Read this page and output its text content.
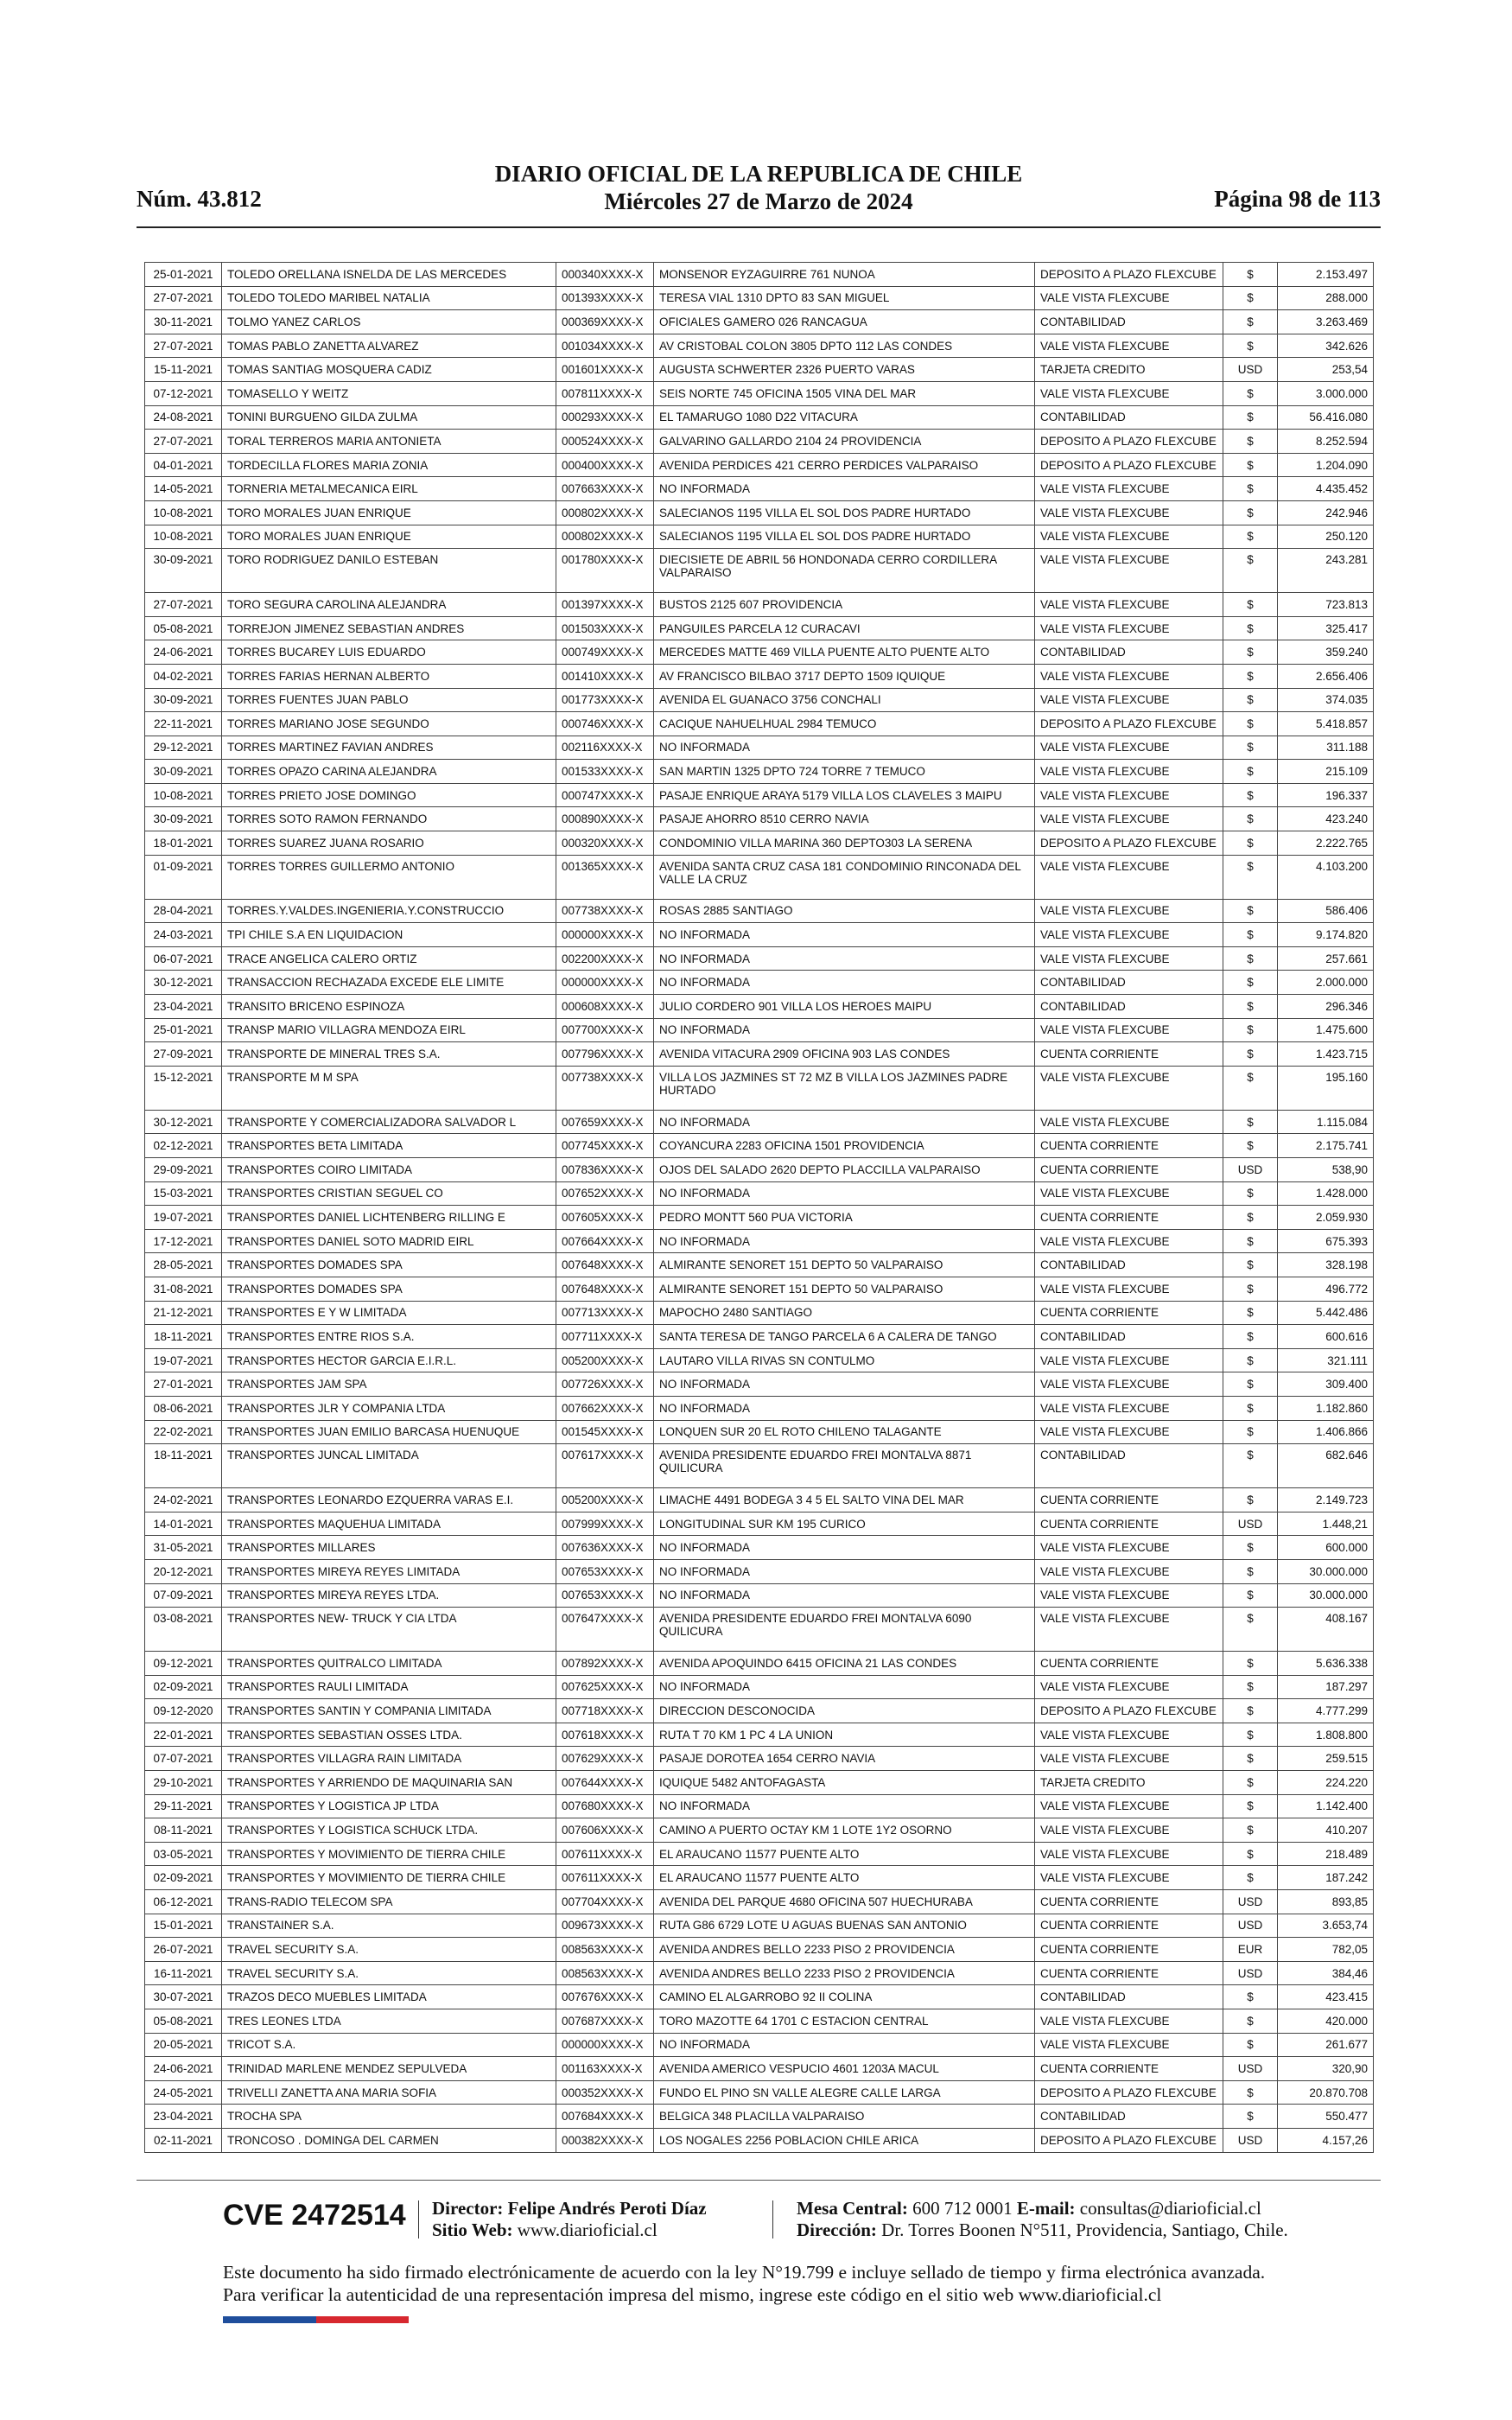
Núm. 43.812
DIARIO OFICIAL DE LA REPUBLICA DE CHILE
Miércoles 27 de Marzo de 2024	Página 98 de 113
25-01-2021	TOLEDO ORELLANA ISNELDA DE LAS MERCEDES	000340XXXX-X	MONSENOR EYZAGUIRRE 761 NUNOA	DEPOSITO A PLAZO FLEXCUBE	$	2.153.497
27-07-2021	TOLEDO TOLEDO MARIBEL NATALIA	001393XXXX-X	TERESA VIAL 1310 DPTO 83 SAN MIGUEL	VALE VISTA FLEXCUBE	$	288.000
30-11-2021	TOLMO YANEZ CARLOS	000369XXXX-X	OFICIALES GAMERO 026 RANCAGUA	CONTABILIDAD	$	3.263.469
27-07-2021	TOMAS PABLO ZANETTA ALVAREZ	001034XXXX-X	AV CRISTOBAL COLON 3805 DPTO 112 LAS CONDES	VALE VISTA FLEXCUBE	$	342.626
15-11-2021	TOMAS SANTIAG MOSQUERA CADIZ	001601XXXX-X	AUGUSTA SCHWERTER 2326 PUERTO VARAS	TARJETA CREDITO	USD	253,54
07-12-2021	TOMASELLO Y WEITZ	007811XXXX-X	SEIS NORTE 745 OFICINA 1505 VINA DEL MAR	VALE VISTA FLEXCUBE	$	3.000.000
24-08-2021	TONINI BURGUENO GILDA ZULMA	000293XXXX-X	EL TAMARUGO 1080 D22 VITACURA	CONTABILIDAD	$	56.416.080
27-07-2021	TORAL TERREROS MARIA ANTONIETA	000524XXXX-X	GALVARINO GALLARDO 2104 24 PROVIDENCIA	DEPOSITO A PLAZO FLEXCUBE	$	8.252.594
04-01-2021	TORDECILLA FLORES MARIA ZONIA	000400XXXX-X	AVENIDA PERDICES 421 CERRO PERDICES VALPARAISO	DEPOSITO A PLAZO FLEXCUBE	$	1.204.090
14-05-2021	TORNERIA METALMECANICA EIRL	007663XXXX-X	NO INFORMADA	VALE VISTA FLEXCUBE	$	4.435.452
10-08-2021	TORO MORALES JUAN ENRIQUE	000802XXXX-X	SALECIANOS 1195 VILLA EL SOL DOS PADRE HURTADO	VALE VISTA FLEXCUBE	$	242.946
10-08-2021	TORO MORALES JUAN ENRIQUE	000802XXXX-X	SALECIANOS 1195 VILLA EL SOL DOS PADRE HURTADO	VALE VISTA FLEXCUBE	$	250.120
30-09-2021	TORO RODRIGUEZ DANILO ESTEBAN	001780XXXX-X	DIECISIETE DE ABRIL 56 HONDONADA CERRO CORDILLERA VALPARAISO	VALE VISTA FLEXCUBE	$	243.281
27-07-2021	TORO SEGURA CAROLINA ALEJANDRA	001397XXXX-X	BUSTOS 2125 607 PROVIDENCIA	VALE VISTA FLEXCUBE	$	723.813
05-08-2021	TORREJON JIMENEZ SEBASTIAN ANDRES	001503XXXX-X	PANGUILES PARCELA 12 CURACAVI	VALE VISTA FLEXCUBE	$	325.417
24-06-2021	TORRES BUCAREY LUIS EDUARDO	000749XXXX-X	MERCEDES MATTE 469 VILLA PUENTE ALTO PUENTE ALTO	CONTABILIDAD	$	359.240
04-02-2021	TORRES FARIAS HERNAN ALBERTO	001410XXXX-X	AV FRANCISCO BILBAO 3717 DEPTO 1509 IQUIQUE	VALE VISTA FLEXCUBE	$	2.656.406
30-09-2021	TORRES FUENTES JUAN PABLO	001773XXXX-X	AVENIDA EL GUANACO 3756 CONCHALI	VALE VISTA FLEXCUBE	$	374.035
22-11-2021	TORRES MARIANO JOSE SEGUNDO	000746XXXX-X	CACIQUE NAHUELHUAL 2984 TEMUCO	DEPOSITO A PLAZO FLEXCUBE	$	5.418.857
29-12-2021	TORRES MARTINEZ FAVIAN ANDRES	002116XXXX-X	NO INFORMADA	VALE VISTA FLEXCUBE	$	311.188
30-09-2021	TORRES OPAZO CARINA ALEJANDRA	001533XXXX-X	SAN MARTIN 1325 DPTO 724 TORRE 7 TEMUCO	VALE VISTA FLEXCUBE	$	215.109
10-08-2021	TORRES PRIETO JOSE DOMINGO	000747XXXX-X	PASAJE ENRIQUE ARAYA 5179 VILLA LOS CLAVELES 3 MAIPU	VALE VISTA FLEXCUBE	$	196.337
30-09-2021	TORRES SOTO RAMON FERNANDO	000890XXXX-X	PASAJE AHORRO 8510 CERRO NAVIA	VALE VISTA FLEXCUBE	$	423.240
18-01-2021	TORRES SUAREZ JUANA ROSARIO	000320XXXX-X	CONDOMINIO VILLA MARINA 360 DEPTO303 LA SERENA	DEPOSITO A PLAZO FLEXCUBE	$	2.222.765
01-09-2021	TORRES TORRES GUILLERMO ANTONIO	001365XXXX-X	AVENIDA SANTA CRUZ CASA 181 CONDOMINIO RINCONADA DEL VALLE LA CRUZ	VALE VISTA FLEXCUBE	$	4.103.200
28-04-2021	TORRES.Y.VALDES.INGENIERIA.Y.CONSTRUCCIO	007738XXXX-X	ROSAS 2885 SANTIAGO	VALE VISTA FLEXCUBE	$	586.406
24-03-2021	TPI CHILE S.A EN LIQUIDACION	000000XXXX-X	NO INFORMADA	VALE VISTA FLEXCUBE	$	9.174.820
06-07-2021	TRACE ANGELICA CALERO ORTIZ	002200XXXX-X	NO INFORMADA	VALE VISTA FLEXCUBE	$	257.661
30-12-2021	TRANSACCION RECHAZADA EXCEDE ELE LIMITE	000000XXXX-X	NO INFORMADA	CONTABILIDAD	$	2.000.000
23-04-2021	TRANSITO BRICENO ESPINOZA	000608XXXX-X	JULIO CORDERO 901 VILLA LOS HEROES MAIPU	CONTABILIDAD	$	296.346
25-01-2021	TRANSP MARIO VILLAGRA MENDOZA EIRL	007700XXXX-X	NO INFORMADA	VALE VISTA FLEXCUBE	$	1.475.600
27-09-2021	TRANSPORTE DE MINERAL TRES S.A.	007796XXXX-X	AVENIDA VITACURA 2909 OFICINA 903 LAS CONDES	CUENTA CORRIENTE	$	1.423.715
15-12-2021	TRANSPORTE M M SPA	007738XXXX-X	VILLA LOS JAZMINES ST 72 MZ B VILLA LOS JAZMINES PADRE HURTADO	VALE VISTA FLEXCUBE	$	195.160
30-12-2021	TRANSPORTE Y COMERCIALIZADORA SALVADOR L	007659XXXX-X	NO INFORMADA	VALE VISTA FLEXCUBE	$	1.115.084
02-12-2021	TRANSPORTES BETA LIMITADA	007745XXXX-X	COYANCURA 2283 OFICINA 1501 PROVIDENCIA	CUENTA CORRIENTE	$	2.175.741
29-09-2021	TRANSPORTES COIRO LIMITADA	007836XXXX-X	OJOS DEL SALADO 2620 DEPTO PLACCILLA VALPARAISO	CUENTA CORRIENTE	USD	538,90
15-03-2021	TRANSPORTES CRISTIAN SEGUEL CO	007652XXXX-X	NO INFORMADA	VALE VISTA FLEXCUBE	$	1.428.000
19-07-2021	TRANSPORTES DANIEL LICHTENBERG RILLING E	007605XXXX-X	PEDRO MONTT 560 PUA VICTORIA	CUENTA CORRIENTE	$	2.059.930
17-12-2021	TRANSPORTES DANIEL SOTO MADRID EIRL	007664XXXX-X	NO INFORMADA	VALE VISTA FLEXCUBE	$	675.393
28-05-2021	TRANSPORTES DOMADES SPA	007648XXXX-X	ALMIRANTE SENORET 151 DEPTO 50 VALPARAISO	CONTABILIDAD	$	328.198
31-08-2021	TRANSPORTES DOMADES SPA	007648XXXX-X	ALMIRANTE SENORET 151 DEPTO 50 VALPARAISO	VALE VISTA FLEXCUBE	$	496.772
21-12-2021	TRANSPORTES E Y W LIMITADA	007713XXXX-X	MAPOCHO 2480 SANTIAGO	CUENTA CORRIENTE	$	5.442.486
18-11-2021	TRANSPORTES ENTRE RIOS S.A.	007711XXXX-X	SANTA TERESA DE TANGO PARCELA 6 A CALERA DE TANGO	CONTABILIDAD	$	600.616
19-07-2021	TRANSPORTES HECTOR GARCIA E.I.R.L.	005200XXXX-X	LAUTARO VILLA RIVAS SN CONTULMO	VALE VISTA FLEXCUBE	$	321.111
27-01-2021	TRANSPORTES JAM SPA	007726XXXX-X	NO INFORMADA	VALE VISTA FLEXCUBE	$	309.400
08-06-2021	TRANSPORTES JLR Y COMPANIA LTDA	007662XXXX-X	NO INFORMADA	VALE VISTA FLEXCUBE	$	1.182.860
22-02-2021	TRANSPORTES JUAN EMILIO BARCASA HUENUQUE	001545XXXX-X	LONQUEN SUR 20 EL ROTO CHILENO TALAGANTE	VALE VISTA FLEXCUBE	$	1.406.866
18-11-2021	TRANSPORTES JUNCAL LIMITADA	007617XXXX-X	AVENIDA PRESIDENTE EDUARDO FREI MONTALVA 8871 QUILICURA	CONTABILIDAD	$	682.646
24-02-2021	TRANSPORTES LEONARDO EZQUERRA VARAS E.I.	005200XXXX-X	LIMACHE 4491 BODEGA 3 4 5 EL SALTO VINA DEL MAR	CUENTA CORRIENTE	$	2.149.723
14-01-2021	TRANSPORTES MAQUEHUA LIMITADA	007999XXXX-X	LONGITUDINAL SUR KM 195 CURICO	CUENTA CORRIENTE	USD	1.448,21
31-05-2021	TRANSPORTES MILLARES	007636XXXX-X	NO INFORMADA	VALE VISTA FLEXCUBE	$	600.000
20-12-2021	TRANSPORTES MIREYA REYES LIMITADA	007653XXXX-X	NO INFORMADA	VALE VISTA FLEXCUBE	$	30.000.000
07-09-2021	TRANSPORTES MIREYA REYES LTDA.	007653XXXX-X	NO INFORMADA	VALE VISTA FLEXCUBE	$	30.000.000
03-08-2021	TRANSPORTES NEW- TRUCK Y CIA LTDA	007647XXXX-X	AVENIDA PRESIDENTE EDUARDO FREI MONTALVA 6090 QUILICURA	VALE VISTA FLEXCUBE	$	408.167
09-12-2021	TRANSPORTES QUITRALCO LIMITADA	007892XXXX-X	AVENIDA APOQUINDO 6415 OFICINA 21 LAS CONDES	CUENTA CORRIENTE	$	5.636.338
02-09-2021	TRANSPORTES RAULI LIMITADA	007625XXXX-X	NO INFORMADA	VALE VISTA FLEXCUBE	$	187.297
09-12-2020	TRANSPORTES SANTIN Y COMPANIA LIMITADA	007718XXXX-X	DIRECCION DESCONOCIDA	DEPOSITO A PLAZO FLEXCUBE	$	4.777.299
22-01-2021	TRANSPORTES SEBASTIAN OSSES LTDA.	007618XXXX-X	RUTA T 70 KM 1 PC 4 LA UNION	VALE VISTA FLEXCUBE	$	1.808.800
07-07-2021	TRANSPORTES VILLAGRA RAIN LIMITADA	007629XXXX-X	PASAJE DOROTEA 1654 CERRO NAVIA	VALE VISTA FLEXCUBE	$	259.515
29-10-2021	TRANSPORTES Y ARRIENDO DE MAQUINARIA SAN	007644XXXX-X	IQUIQUE 5482 ANTOFAGASTA	TARJETA CREDITO	$	224.220
29-11-2021	TRANSPORTES Y LOGISTICA JP LTDA	007680XXXX-X	NO INFORMADA	VALE VISTA FLEXCUBE	$	1.142.400
08-11-2021	TRANSPORTES Y LOGISTICA SCHUCK LTDA.	007606XXXX-X	CAMINO A PUERTO OCTAY KM 1 LOTE 1Y2 OSORNO	VALE VISTA FLEXCUBE	$	410.207
03-05-2021	TRANSPORTES Y MOVIMIENTO DE TIERRA CHILE	007611XXXX-X	EL ARAUCANO 11577 PUENTE ALTO	VALE VISTA FLEXCUBE	$	218.489
02-09-2021	TRANSPORTES Y MOVIMIENTO DE TIERRA CHILE	007611XXXX-X	EL ARAUCANO 11577 PUENTE ALTO	VALE VISTA FLEXCUBE	$	187.242
06-12-2021	TRANS-RADIO TELECOM SPA	007704XXXX-X	AVENIDA DEL PARQUE 4680 OFICINA 507 HUECHURABA	CUENTA CORRIENTE	USD	893,85
15-01-2021	TRANSTAINER S.A.	009673XXXX-X	RUTA G86 6729 LOTE U AGUAS BUENAS SAN ANTONIO	CUENTA CORRIENTE	USD	3.653,74
26-07-2021	TRAVEL SECURITY S.A.	008563XXXX-X	AVENIDA ANDRES BELLO 2233 PISO 2 PROVIDENCIA	CUENTA CORRIENTE	EUR	782,05
16-11-2021	TRAVEL SECURITY S.A.	008563XXXX-X	AVENIDA ANDRES BELLO 2233 PISO 2 PROVIDENCIA	CUENTA CORRIENTE	USD	384,46
30-07-2021	TRAZOS DECO MUEBLES LIMITADA	007676XXXX-X	CAMINO EL ALGARROBO 92 II COLINA	CONTABILIDAD	$	423.415
05-08-2021	TRES LEONES LTDA	007687XXXX-X	TORO MAZOTTE 64 1701 C ESTACION CENTRAL	VALE VISTA FLEXCUBE	$	420.000
20-05-2021	TRICOT S.A.	000000XXXX-X	NO INFORMADA	VALE VISTA FLEXCUBE	$	261.677
24-06-2021	TRINIDAD MARLENE MENDEZ SEPULVEDA	001163XXXX-X	AVENIDA AMERICO VESPUCIO 4601 1203A MACUL	CUENTA CORRIENTE	USD	320,90
24-05-2021	TRIVELLI ZANETTA ANA MARIA SOFIA	000352XXXX-X	FUNDO EL PINO SN VALLE ALEGRE CALLE LARGA	DEPOSITO A PLAZO FLEXCUBE	$	20.870.708
23-04-2021	TROCHA SPA	007684XXXX-X	BELGICA 348 PLACILLA VALPARAISO	CONTABILIDAD	$	550.477
02-11-2021	TRONCOSO . DOMINGA DEL CARMEN	000382XXXX-X	LOS NOGALES 2256 POBLACION CHILE ARICA	DEPOSITO A PLAZO FLEXCUBE	USD	4.157,26
CVE 2472514 Director: Felipe Andrés Peroti Díaz
Sitio Web: www.diarioficial.cl
Mesa Central: 600 712 0001 E-mail: consultas@diarioficial.cl
Dirección: Dr. Torres Boonen N°511, Providencia, Santiago, Chile.
Este documento ha sido firmado electrónicamente de acuerdo con la ley N°19.799 e incluye sellado de tiempo y firma electrónica avanzada. Para verificar la autenticidad de una representación impresa del mismo, ingrese este código en el sitio web www.diarioficial.cl
